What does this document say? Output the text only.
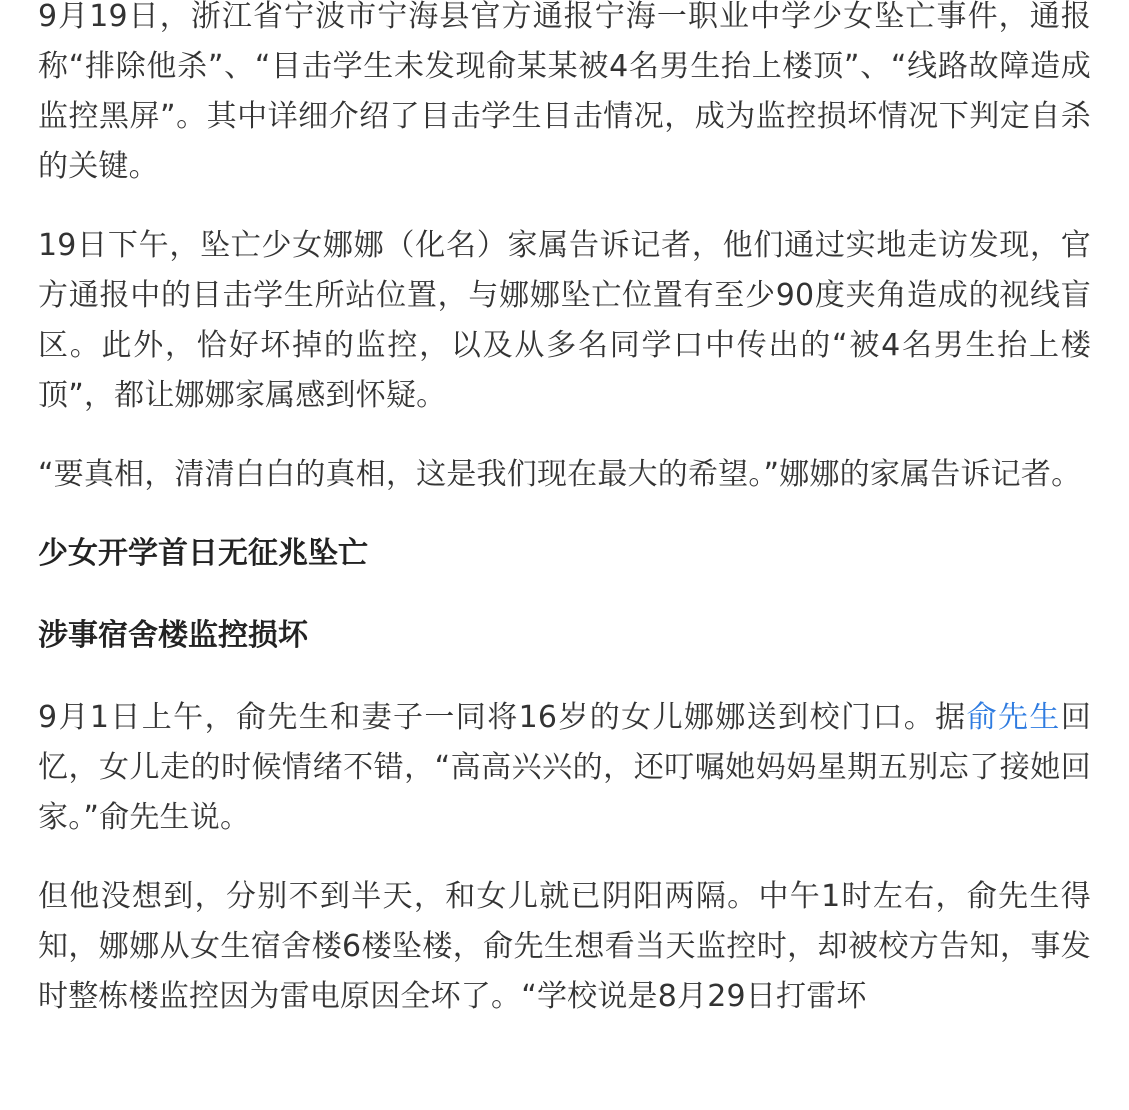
9月19日，浙江省宁波市宁海县官方通报宁海一职业中学少女坠亡事件，通报称“排除他杀”、“目击学生未发现俞某某被4名男生抬上楼顶”、“线路故障造成监控黑屏”。其中详细介绍了目击学生目击情况，成为监控损坏情况下判定自杀的关键。

19日下午，坠亡少女娜娜（化名）家属告诉记者，他们通过实地走访发现，官方通报中的目击学生所站位置，与娜娜坠亡位置有至少90度夹角造成的视线盲区。此外，恰好坏掉的监控，以及从多名同学口中传出的“被4名男生抬上楼顶”，都让娜娜家属感到怀疑。

“要真相，清清白白的真相，这是我们现在最大的希望。”娜娜的家属告诉记者。

少女开学首日无征兆坠亡

涉事宿舍楼监控损坏

9月1日上午，俞先生和妻子一同将16岁的女儿娜娜送到校门口。据俞先生回忆，女儿走的时候情绪不错，“高高兴兴的，还叮嘱她妈妈星期五别忘了接她回家。”俞先生说。

但他没想到，分别不到半天，和女儿就已阴阳两隔。中午1时左右，俞先生得知，娜娜从女生宿舍楼6楼坠楼，俞先生想看当天监控时，却被校方告知，事发时整栋楼监控因为雷电原因全坏了。“学校说是8月29日打雷坏
